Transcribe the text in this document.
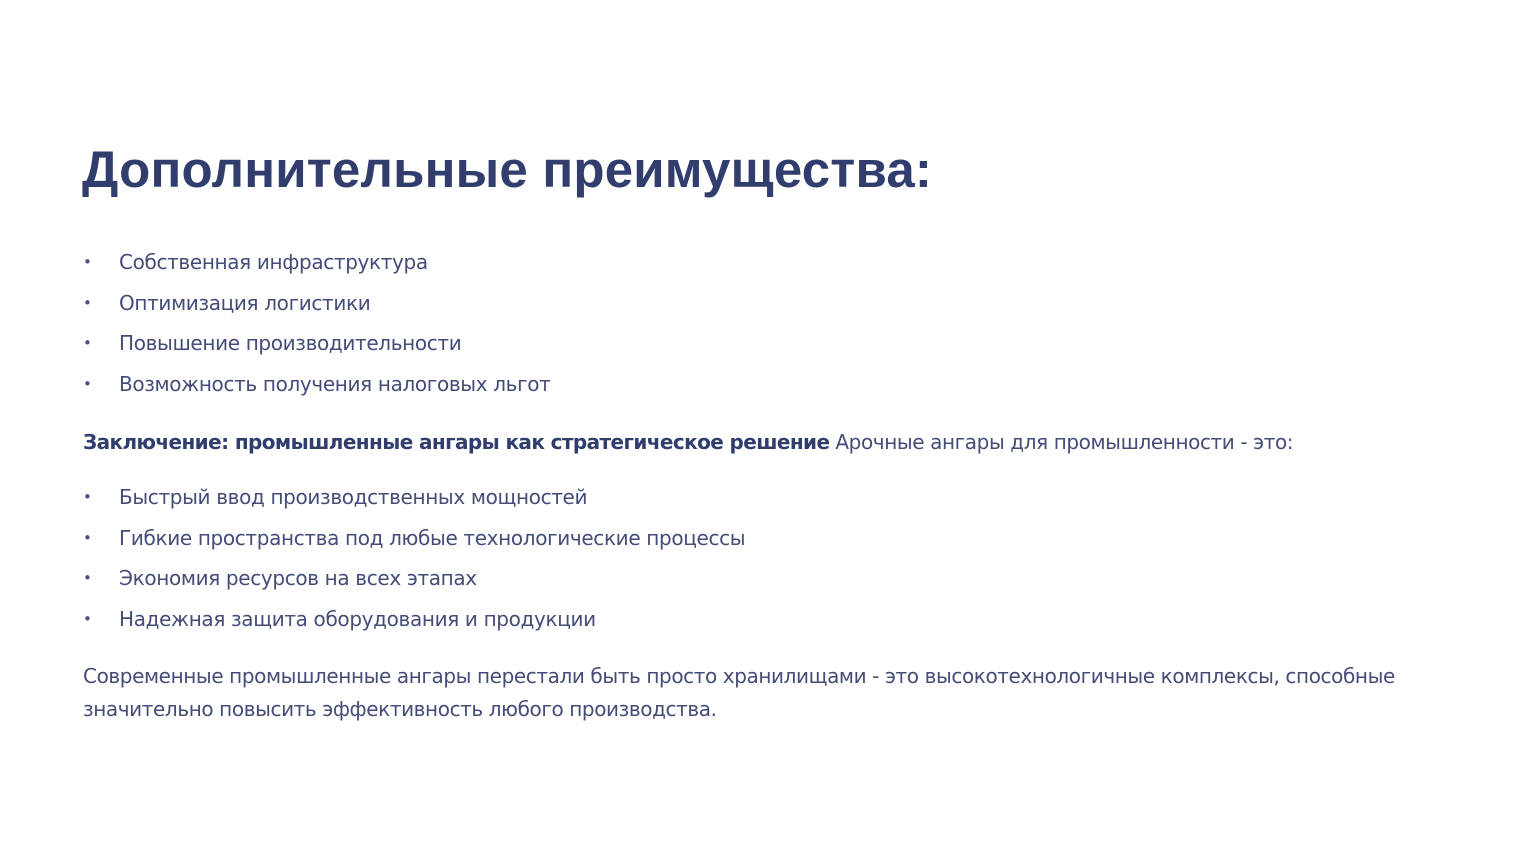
Дополнительные преимущества:
• Собственная инфраструктура
• Оптимизация логистики
• Повышение производительности
• Возможность получения налоговых льгот

Заключение: промышленные ангары как стратегическое решение Арочные ангары для промышленности - это:

• Быстрый ввод производственных мощностей
• Гибкие пространства под любые технологические процессы
• Экономия ресурсов на всех этапах
• Надежная защита оборудования и продукции

Современные промышленные ангары перестали быть просто хранилищами - это высокотехнологичные комплексы, способные значительно повысить эффективность любого производства.
